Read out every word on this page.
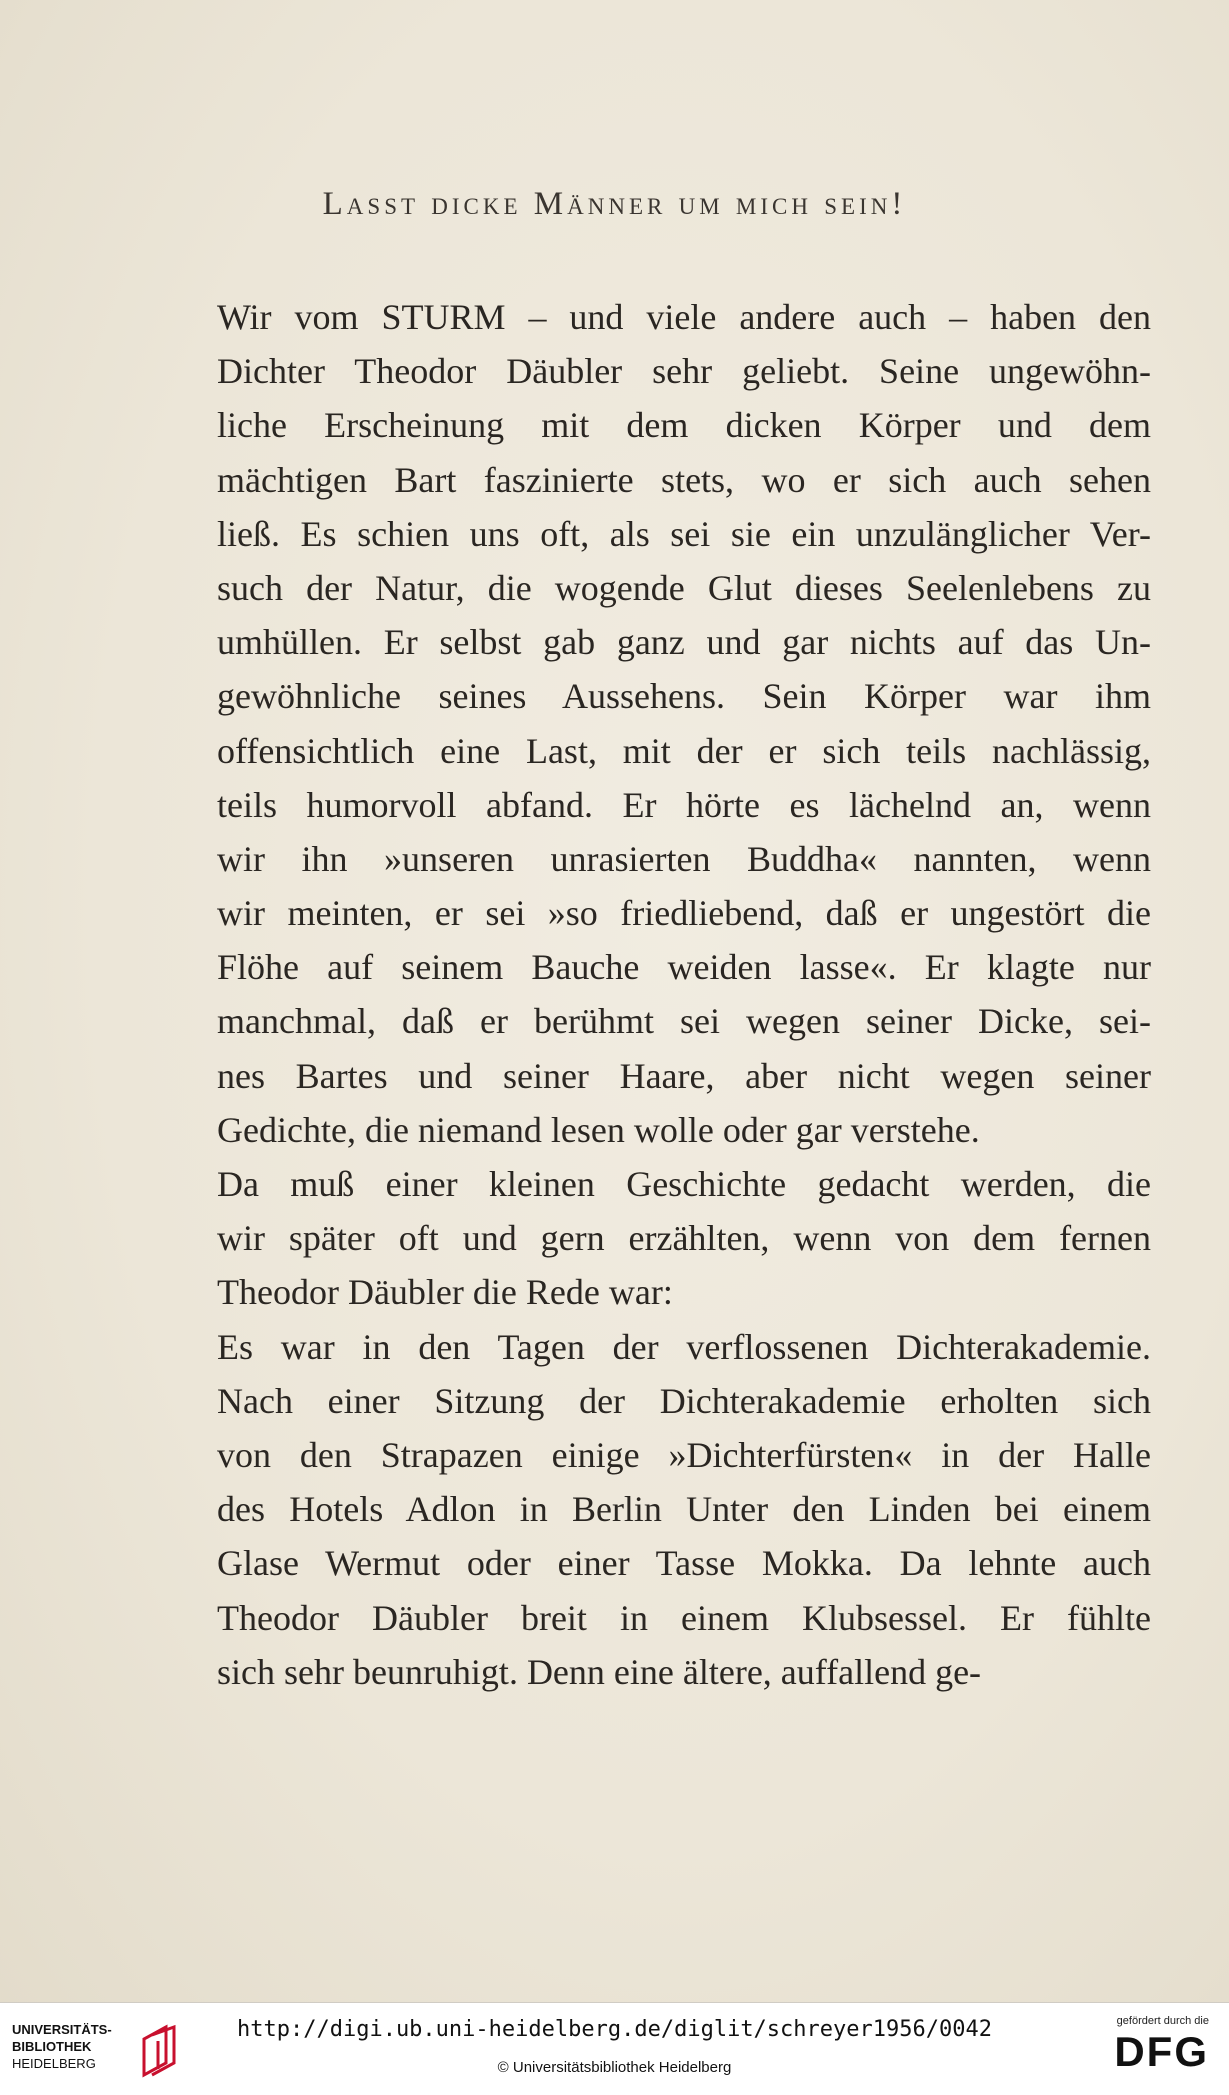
Lasst dicke Männer um mich sein!
Wir vom STURM – und viele andere auch – haben den
Dichter Theodor Däubler sehr geliebt. Seine ungewöhn-
liche Erscheinung mit dem dicken Körper und dem
mächtigen Bart faszinierte stets, wo er sich auch sehen
ließ. Es schien uns oft, als sei sie ein unzulänglicher Ver-
such der Natur, die wogende Glut dieses Seelenlebens zu
umhüllen. Er selbst gab ganz und gar nichts auf das Un-
gewöhnliche seines Aussehens. Sein Körper war ihm
offensichtlich eine Last, mit der er sich teils nachlässig,
teils humorvoll abfand. Er hörte es lächelnd an, wenn
wir ihn »unseren unrasierten Buddha« nannten, wenn
wir meinten, er sei »so friedliebend, daß er ungestört die
Flöhe auf seinem Bauche weiden lasse«. Er klagte nur
manchmal, daß er berühmt sei wegen seiner Dicke, sei-
nes Bartes und seiner Haare, aber nicht wegen seiner
Gedichte, die niemand lesen wolle oder gar verstehe.
Da muß einer kleinen Geschichte gedacht werden, die
wir später oft und gern erzählten, wenn von dem fernen
Theodor Däubler die Rede war:
Es war in den Tagen der verflossenen Dichterakademie.
Nach einer Sitzung der Dichterakademie erholten sich
von den Strapazen einige »Dichterfürsten« in der Halle
des Hotels Adlon in Berlin Unter den Linden bei einem
Glase Wermut oder einer Tasse Mokka. Da lehnte auch
Theodor Däubler breit in einem Klubsessel. Er fühlte
sich sehr beunruhigt. Denn eine ältere, auffallend ge-
UNIVERSITÄTS-
BIBLIOTHEK
HEIDELBERG
http://digi.ub.uni-heidelberg.de/diglit/schreyer1956/0042
© Universitätsbibliothek Heidelberg
gefördert durch die
DFG
